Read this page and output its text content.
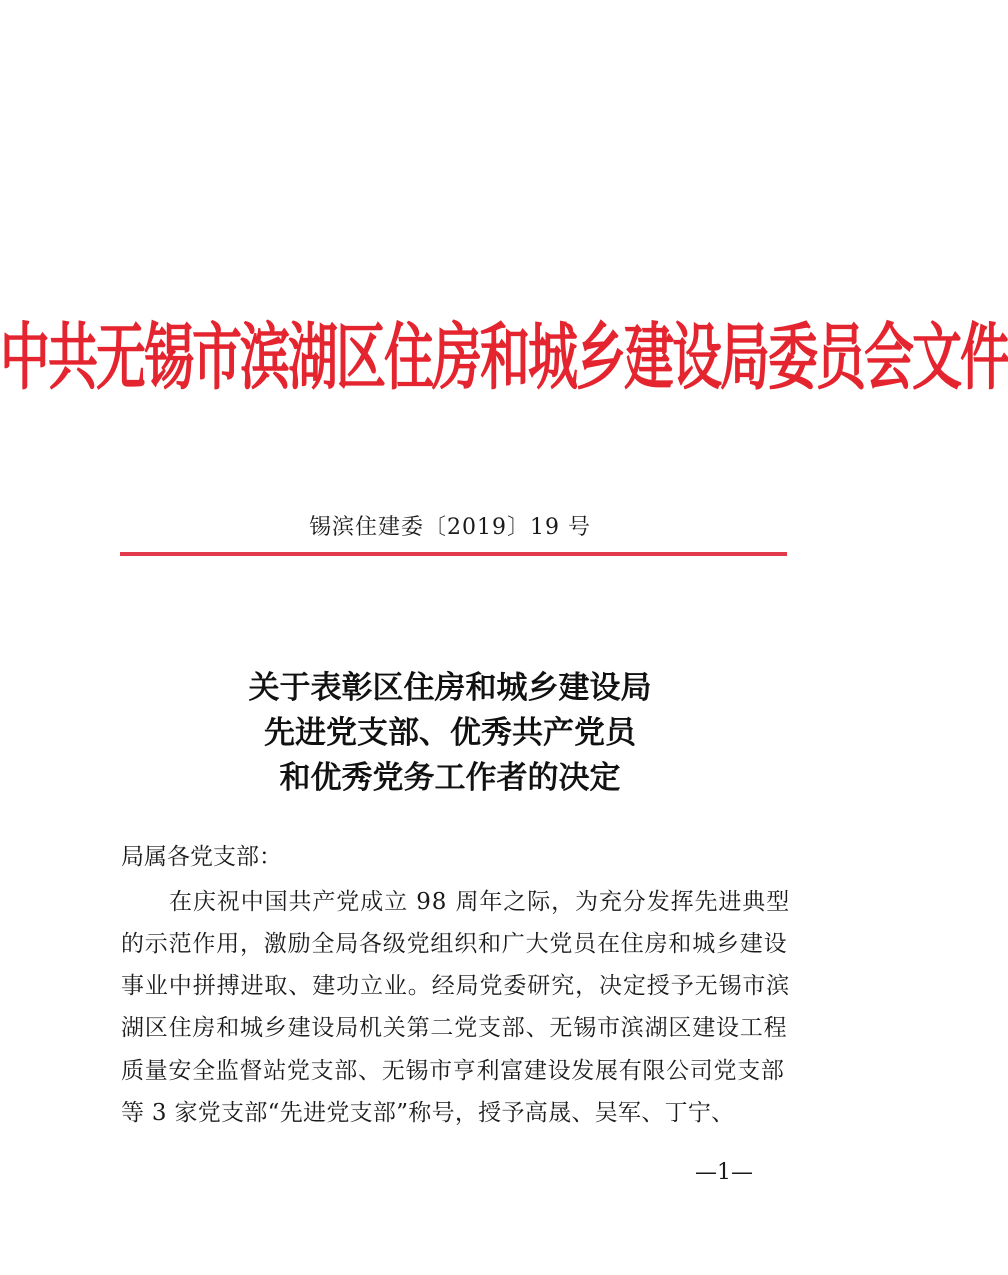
中共无锡市滨湖区住房和城乡建设局委员会文件
锡滨住建委〔2019〕19 号
关于表彰区住房和城乡建设局
先进党支部、优秀共产党员
和优秀党务工作者的决定
局属各党支部：
在庆祝中国共产党成立 98 周年之际，为充分发挥先进典型
的示范作用，激励全局各级党组织和广大党员在住房和城乡建设
事业中拼搏进取、建功立业。经局党委研究，决定授予无锡市滨
湖区住房和城乡建设局机关第二党支部、无锡市滨湖区建设工程
质量安全监督站党支部、无锡市亨利富建设发展有限公司党支部
等 3 家党支部“先进党支部”称号，授予高晟、吴军、丁宁、
—1—
